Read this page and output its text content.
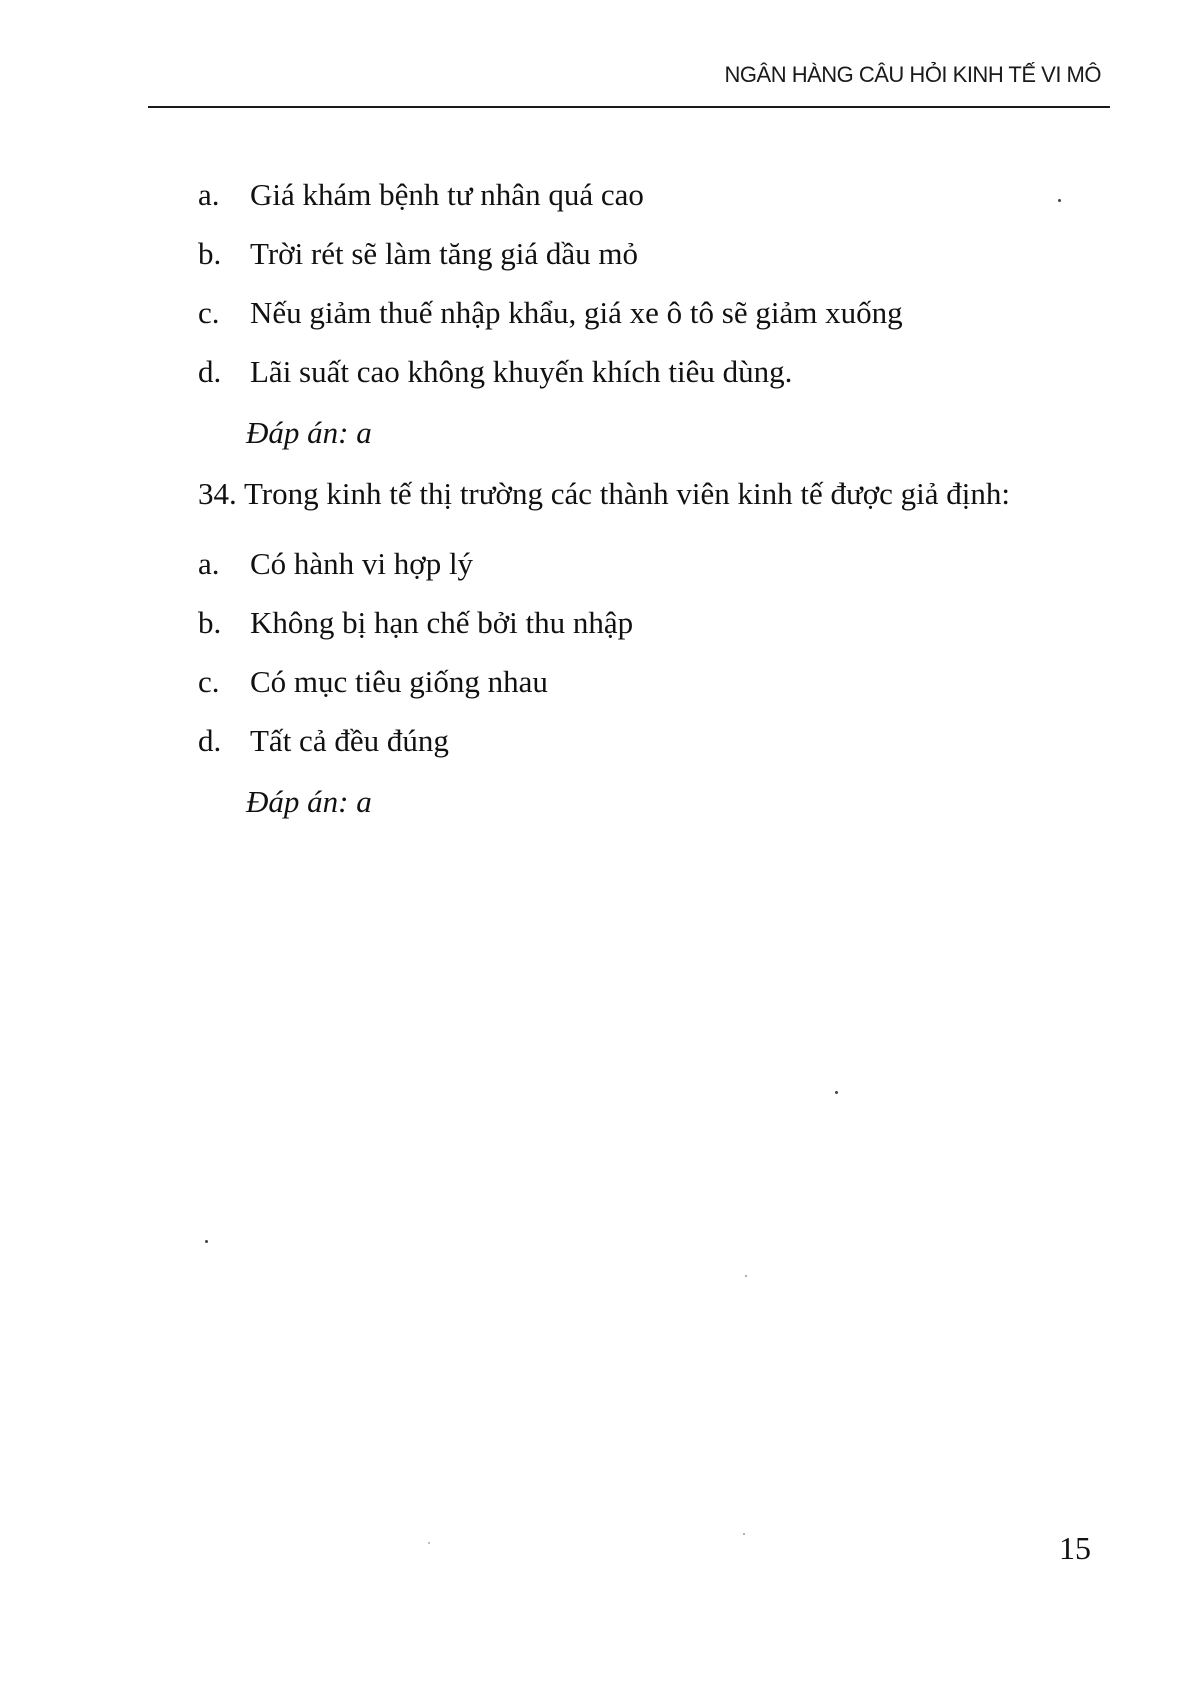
NGÂN HÀNG CÂU HỎI KINH TẾ VI MÔ
a. Giá khám bệnh tư nhân quá cao
b. Trời rét sẽ làm tăng giá dầu mỏ
c. Nếu giảm thuế nhập khẩu, giá xe ô tô sẽ giảm xuống
d. Lãi suất cao không khuyến khích tiêu dùng.
Đáp án: a

34. Trong kinh tế thị trường các thành viên kinh tế được giả định:

a. Có hành vi hợp lý
b. Không bị hạn chế bởi thu nhập
c. Có mục tiêu giống nhau
d. Tất cả đều đúng
Đáp án: a
15
